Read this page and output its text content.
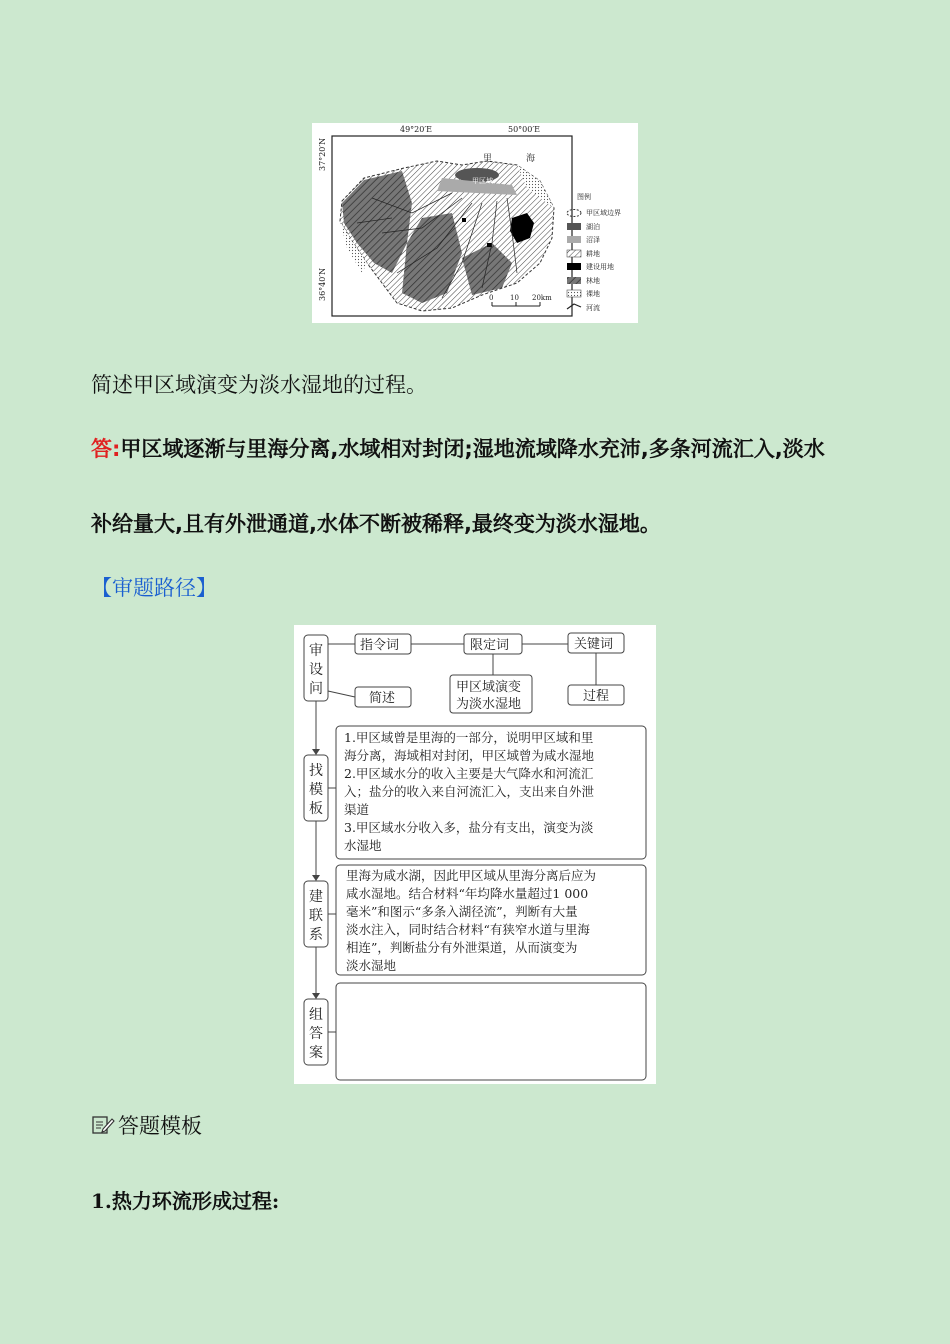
49°20′E	50°00′E
37°20′N
36°40′N
里	海
甲区域
0 10 20km
图例
甲区域边界
湖泊
沼泽
耕地
建设用地
林地
裸地
河流
简述甲区域演变为淡水湿地的过程。
答:甲区域逐渐与里海分离,水域相对封闭;湿地流域降水充沛,多条河流汇入,淡水
补给量大,且有外泄通道,水体不断被稀释,最终变为淡水湿地。
【审题路径】
审设问
找模板
建联系
组答案
指令词	限定词	关键词
简述
甲区域演变
为淡水湿地
过程
1.甲区域曾是里海的一部分，说明甲区域和里
海分离，海域相对封闭，甲区域曾为咸水湿地
2.甲区域水分的收入主要是大气降水和河流汇
入；盐分的收入来自河流汇入，支出来自外泄
渠道
3.甲区域水分收入多，盐分有支出，演变为淡
水湿地
里海为咸水湖，因此甲区域从里海分离后应为
咸水湿地。结合材料“年均降水量超过1 000
毫米”和图示“多条入湖径流”，判断有大量
淡水注入，同时结合材料“有狭窄水道与里海
相连”，判断盐分有外泄渠道，从而演变为
淡水湿地
答题模板
1.热力环流形成过程:
